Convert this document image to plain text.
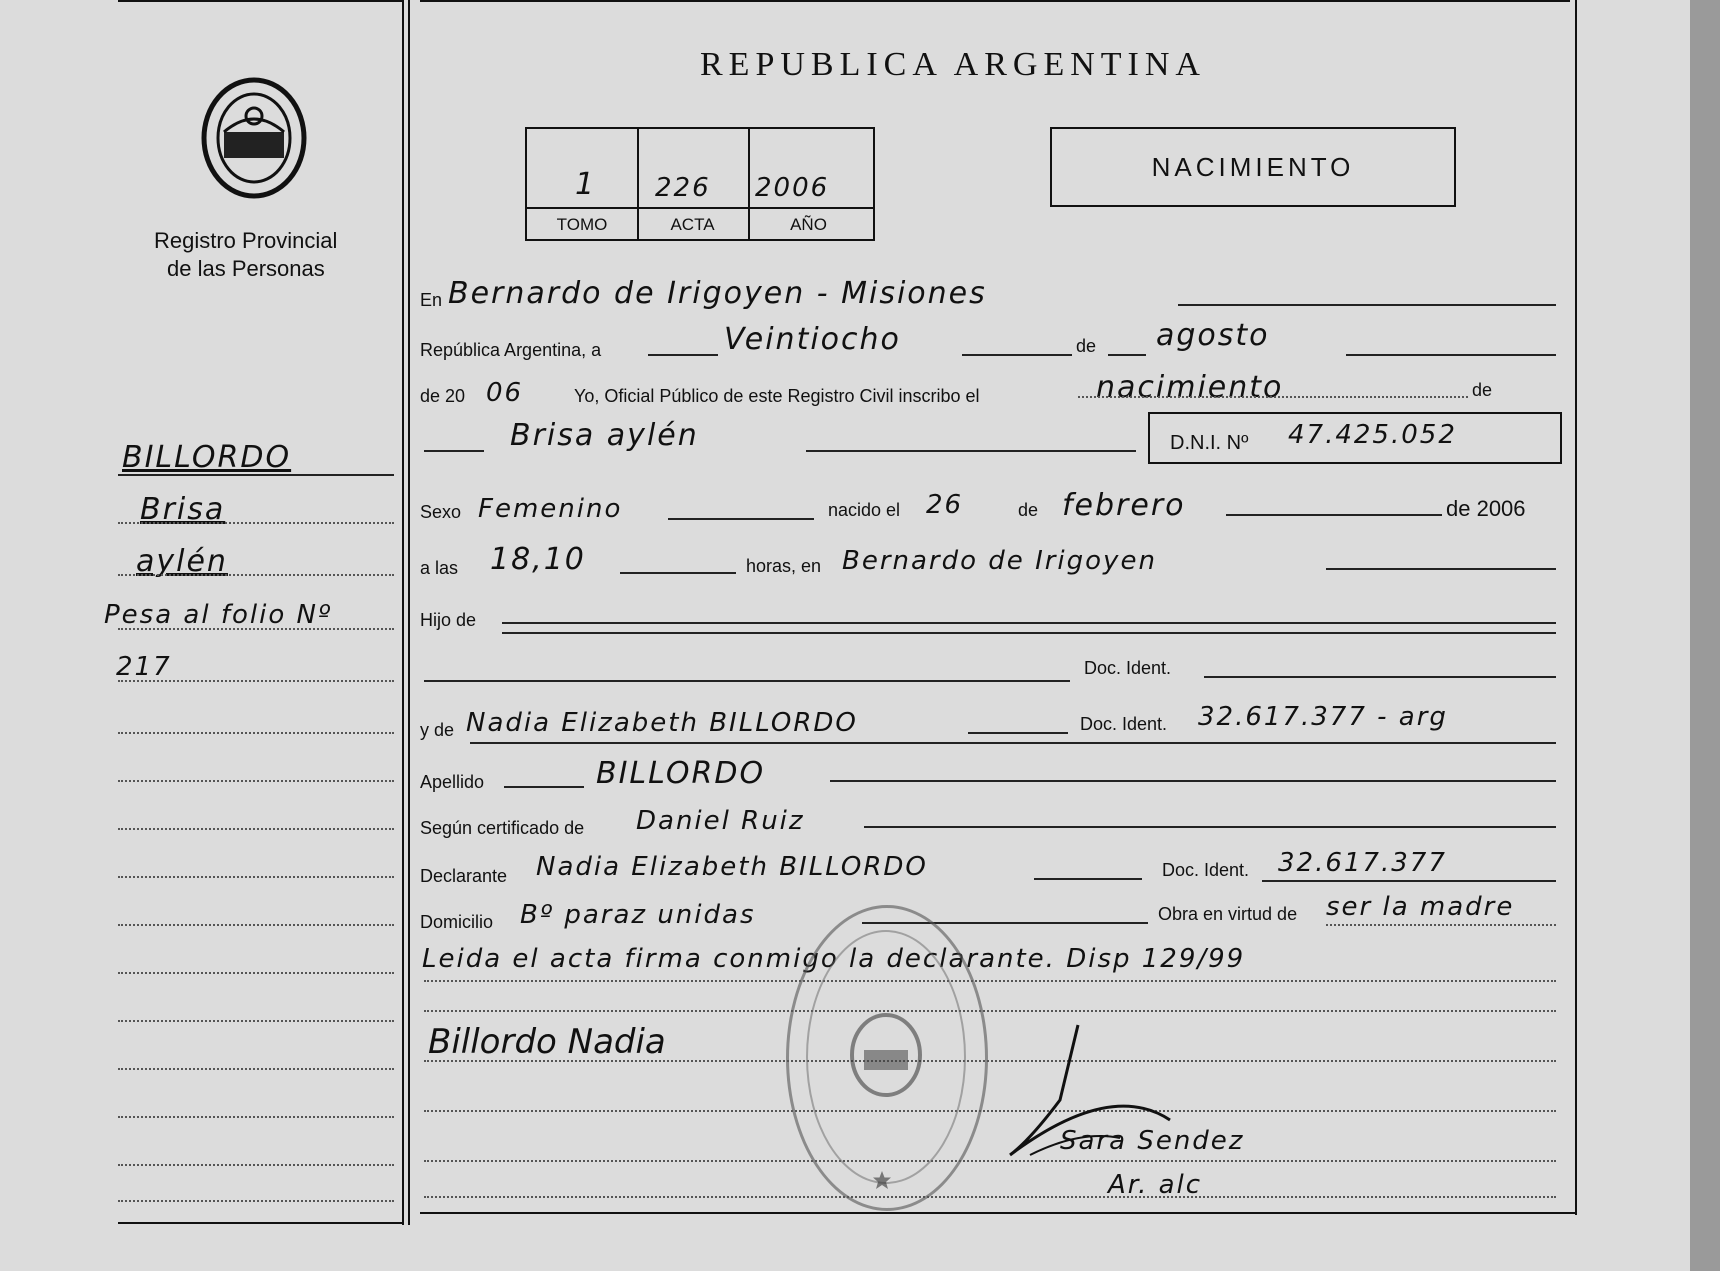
Registro Provincial
de las Personas
REPUBLICA ARGENTINA
1 226 2006
TOMO	ACTA	AÑO
NACIMIENTO
BILLORDO
Brisa
aylén
Pesa al folio Nº
217
En Bernardo de Irigoyen - Misiones
República Argentina, a	Veintiocho	de agosto
de 20 06	Yo, Oficial Público de este Registro Civil inscribo el	nacimiento	de
Brisa aylén	D.N.I. Nº 47.425.052
Sexo Femenino	nacido el 26	de febrero	de 2006
a las 18,10	horas, en Bernardo de Irigoyen
Hijo de
Doc. Ident.
y de Nadia Elizabeth BILLORDO	Doc. Ident. 32.617.377 - arg
Apellido	BILLORDO
Según certificado de Daniel Ruiz
Declarante Nadia Elizabeth BILLORDO	Doc. Ident. 32.617.377
Domicilio Bº paraz unidas	Obra en virtud de ser la madre
Leida el acta firma conmigo la declarante. Disp 129/99
Billordo Nadia
Sara Sendez
Ar. alc
